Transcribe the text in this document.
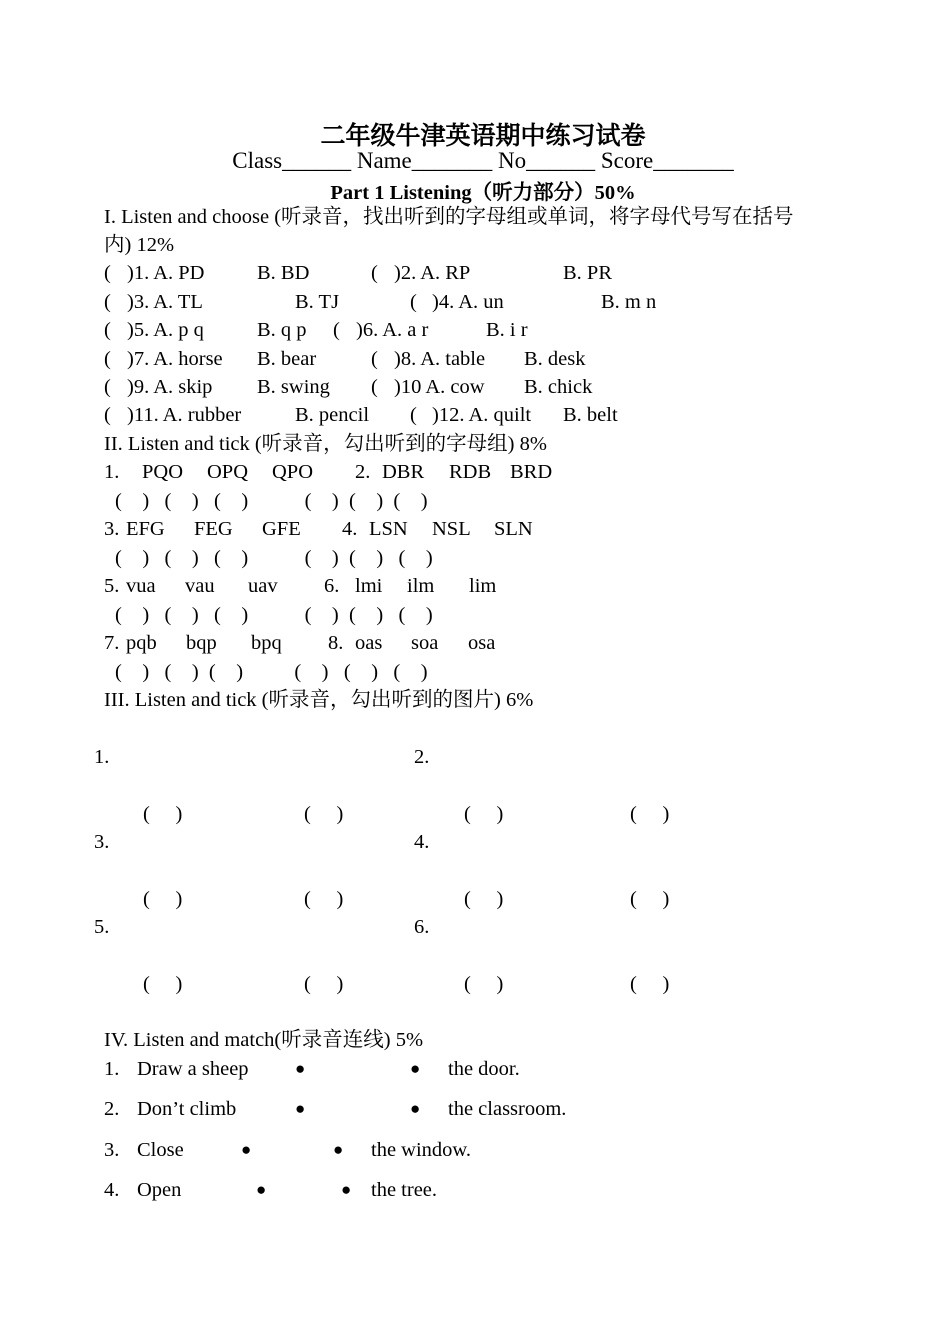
二年级牛津英语期中练习试卷
Class______ Name_______ No______ Score_______
Part 1 Listening（听力部分）50%
I. Listen and choose (听录音，找出听到的字母组或单词，将字母代号写在括号
内) 12%
( )1. A. PD	B. BD	( )2. A. RP	B. PR
( )3. A. TL	B. TJ	( )4. A. un	B. m n
( )5. A. p q	B. q p ( )6. A. a r	B. i r
( )7. A. horse B. bear	( )8. A. table B. desk
( )9. A. skip B. swing ( )10 A. cow B. chick
( )11. A. rubber	B. pencil ( )12. A. quilt B. belt
II. Listen and tick (听录音，勾出听到的字母组) 8%
1. PQO OPQ QPO 2. DBR RDB BRD
(    )   (    )   (    )           (    )  (    )  (    )
3. EFG FEG GFE 4. LSN NSL SLN
(    )   (    )   (    )           (    )  (    )   (    )
5. vua vau uav 6. lmi ilm lim
(    )   (    )   (    )           (    )  (    )   (    )
7. pqb bqp bpq 8. oas soa osa
(    )   (    )  (    )          (    )   (    )   (    )
III. Listen and tick (听录音，勾出听到的图片) 6%
1.	2.
(     )	(     )	(     )	(     )
3.	4.
(     )	(     )	(     )	(     )
5.	6.
(     )	(     )	(     )	(     )
IV. Listen and match(听录音连线) 5%
1. Draw a sheep	●	● the door.
2. Don’t climb	●	● the classroom.
3. Close	●	● the window.
4. Open	●	● the tree.
